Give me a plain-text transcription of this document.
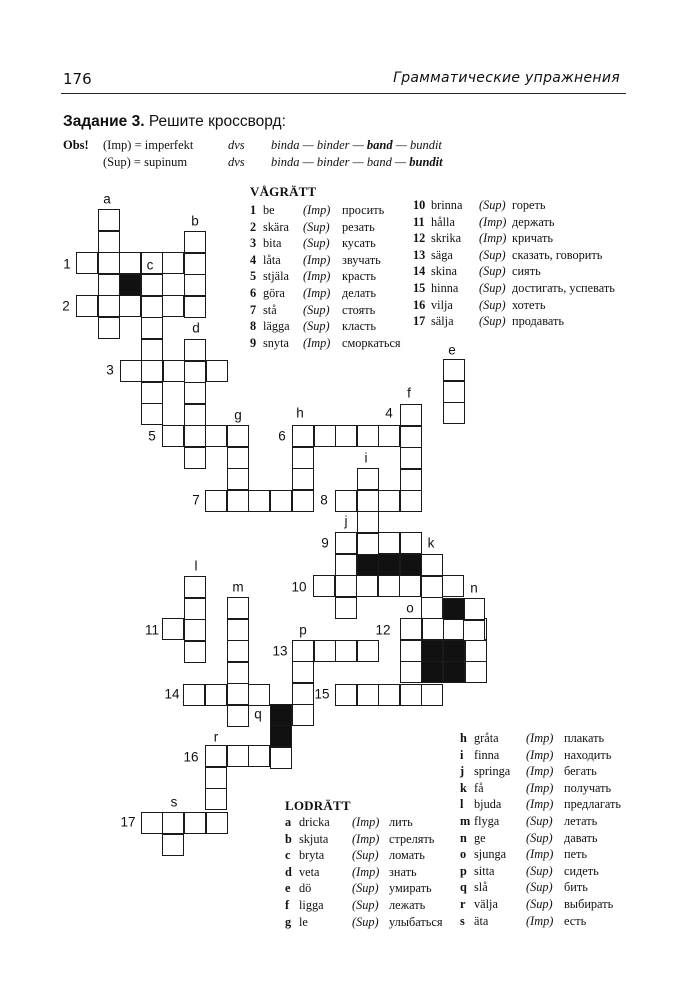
176	Грамматические упражнения
Задание 3. Решите кроссворд:
Obs! (Imp) = imperfekt	dvs binda — binder — band — bundit
(Sup) = supinum	dvs binda — binder — band — bundit
1
2
3
4
5	6
7	8
9
10
11	12
13
14	15
16
17
a
b
c
d
e
f
g	h
i
j
k
l
m	n
o
p
q
r
s
VÅGRÄTT
1 be (Imp) просить
2 skära (Sup) резать
3 bita (Sup) кусать
4 låta (Imp) звучать
5 stjäla (Imp) красть
6 göra (Imp) делать
7 stå (Sup) стоять
8 lägga (Sup) класть
9 snyta (Imp) сморкаться
10 brinna (Sup) гореть
11 hålla (Imp) держать
12 skrika (Imp) кричать
13 säga (Sup) сказать, говорить
14 skina (Sup) сиять
15 hinna (Sup) достигать, успевать
16 vilja (Sup) хотеть
17 sälja (Sup) продавать
LODRÄTT
a dricka (Imp) лить
b skjuta (Imp) стрелять
c bryta (Sup) ломать
d veta	(Imp) знать
e dö	(Sup) умирать
f ligga (Sup) лежать
g le	(Sup) улыбаться
h gråta (Imp) плакать
i finna (Imp) находить
j springa (Imp) бегать
k få	(Imp) получать
l bjuda (Imp) предлагать
m flyga (Sup) летать
n ge	(Sup) давать
o sjunga (Imp) петь
p sitta	(Sup) сидеть
q slå	(Sup) бить
r välja (Sup) выбирать
s äta	(Imp) есть
